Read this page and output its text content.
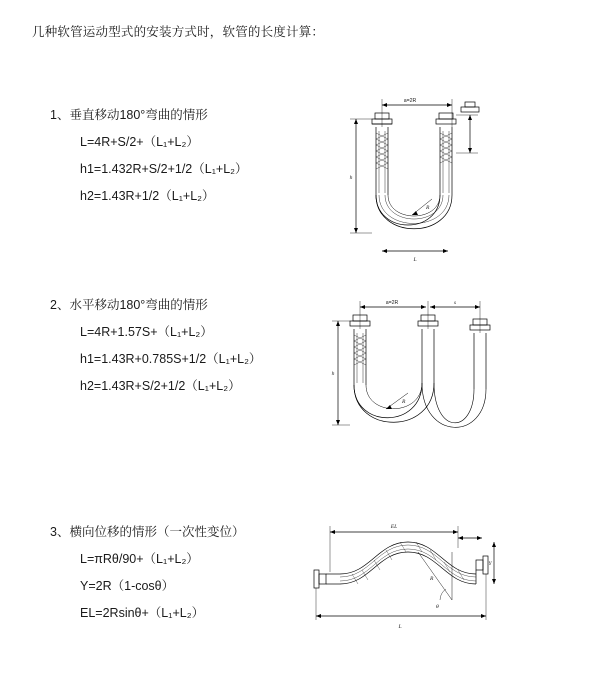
几种软管运动型式的安装方式时，软管的长度计算：
1、垂直移动180°弯曲的情形
L=4R+S/2+（L₁+L₂）
h1=1.432R+S/2+1/2（L₁+L₂）
h2=1.43R+1/2（L₁+L₂）
a=2R
h
R
L
2、水平移动180°弯曲的情形
L=4R+1.57S+（L₁+L₂）
h1=1.43R+0.785S+1/2（L₁+L₂）
h2=1.43R+S/2+1/2（L₁+L₂）
a=2R	s
h
R
3、横向位移的情形（一次性变位）
L=πRθ/90+（L₁+L₂）
Y=2R（1-cosθ）
EL=2Rsinθ+（L₁+L₂）
EL
Y
R
θ
L
